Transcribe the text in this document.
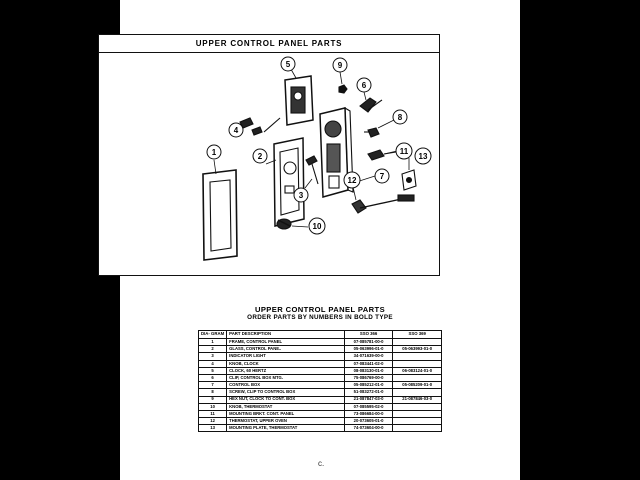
UPPER CONTROL PANEL PARTS
1	2
3
4
5
6
7
8
9
10
11
12
13
UPPER CONTROL PANEL PARTS
ORDER PARTS BY NUMBERS IN BOLD TYPE
DIA- GRAM	PART DESCRIPTION	SSO 366	SSO 369
1	FRAME, CONTROL PANEL	07-085781-00-0	
2	GLASS, CONTROL PANE..	05-063996-01-0	05-063993-01-0
3	INDICATOR LIGHT	34-071639-00-0	
4	KNOB, CLOCK	07-083441-02-0	
5	CLOCK, 60 HERTZ	08-083130-01-0	06-083124-01-0
6	CLIP, CONTROL BOX MTG.	75-086769-00-0	
7	CONTROL BOX	05-085212-01-0	05-085209-01-0
8	SCREW, CLIP TO CONTROL BOX	51-083272-01-0	
9	HEX NUT, CLOCK TO CONT. BOX	21-087847-03-0	21-087846-03-0
10	KNOB, THERMOSTAT	07-085595-02-0	
11	MOUNTING BRKT. CONT. PANEL	73-086684-00-0	
12	THERMOSTAT, UPPER OVEN	20-073605-01-0	
13	MOUNTING PLATE, THERMOSTAT	74-073604-00-0	
c.
